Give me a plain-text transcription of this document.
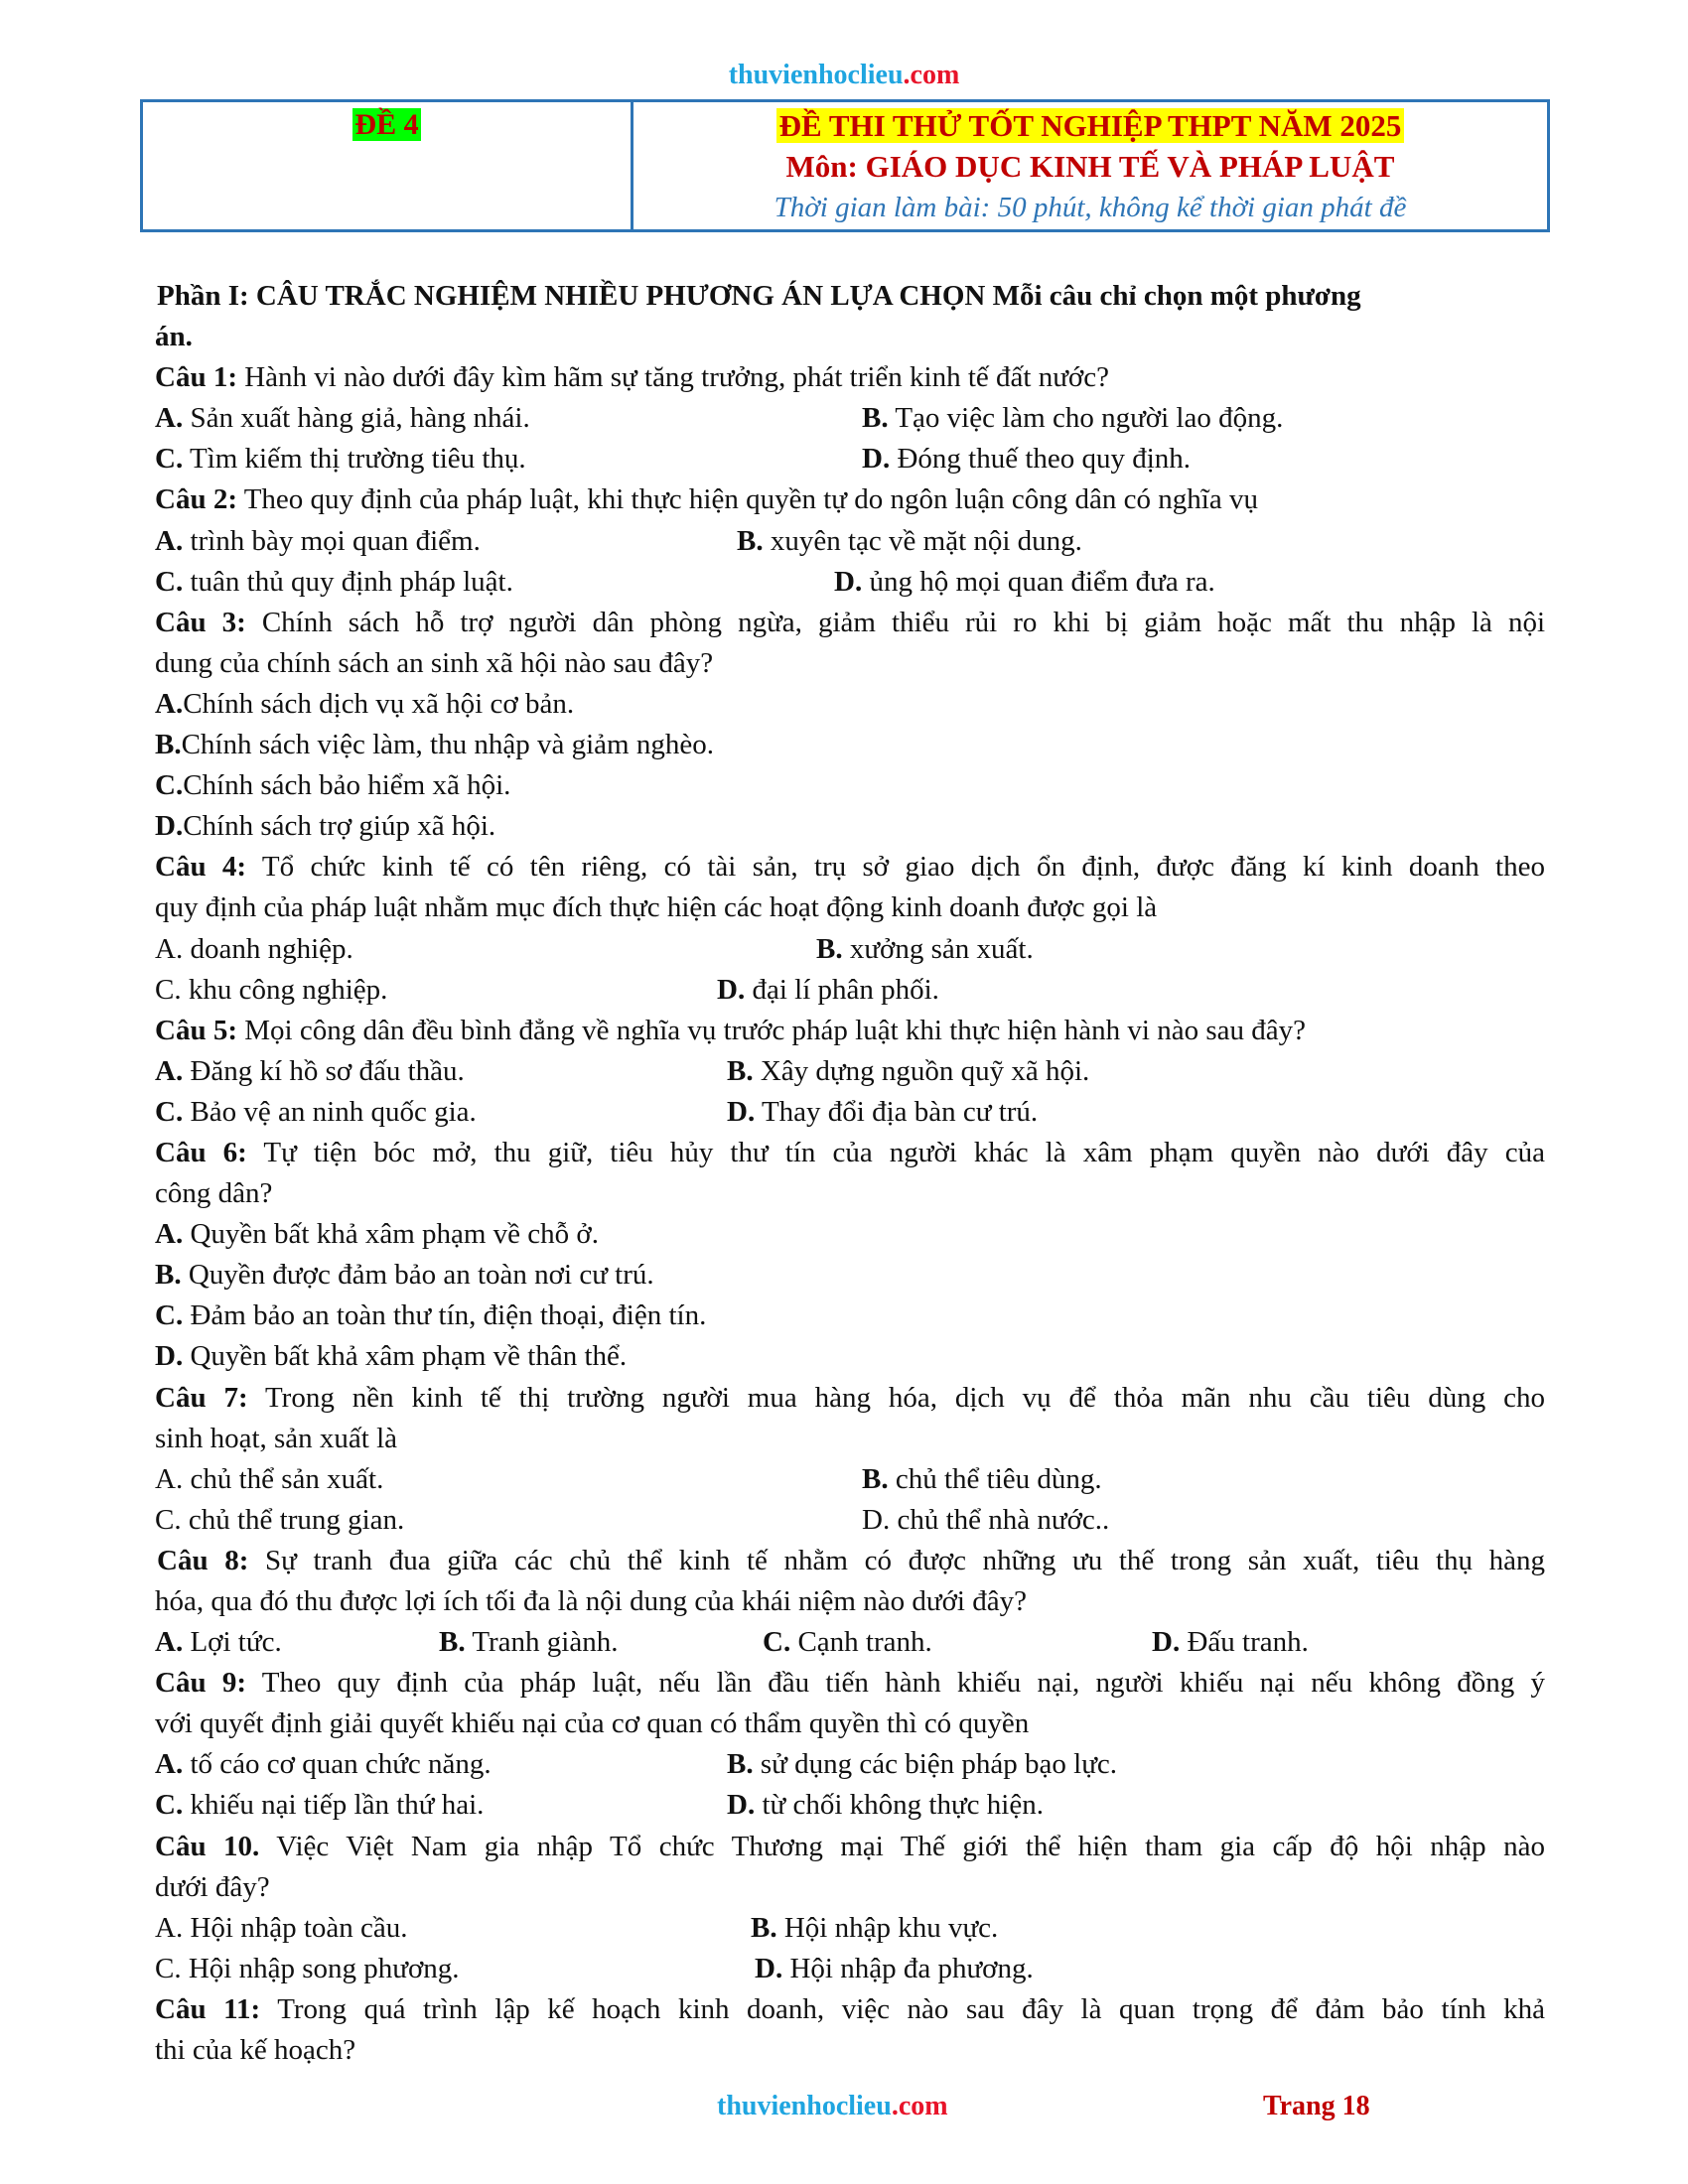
thuvienhoclieu.com
ĐỀ 4	ĐỀ THI THỬ TỐT NGHIỆP THPT NĂM 2025
Môn: GIÁO DỤC KINH TẾ VÀ PHÁP LUẬT
Thời gian làm bài: 50 phút, không kể thời gian phát đề
Phần I: CÂU TRẮC NGHIỆM NHIỀU PHƯƠNG ÁN LỰA CHỌN Mỗi câu chỉ chọn một phương
án.
Câu 1: Hành vi nào dưới đây kìm hãm sự tăng trưởng, phát triển kinh tế đất nước?
A. Sản xuất hàng giả, hàng nhái.	B. Tạo việc làm cho người lao động.
C. Tìm kiếm thị trường tiêu thụ.	D. Đóng thuế theo quy định.
Câu 2: Theo quy định của pháp luật, khi thực hiện quyền tự do ngôn luận công dân có nghĩa vụ
A. trình bày mọi quan điểm.	B. xuyên tạc về mặt nội dung.
C. tuân thủ quy định pháp luật.	D. ủng hộ mọi quan điểm đưa ra.
Câu 3: Chính sách hỗ trợ người dân phòng ngừa, giảm thiểu rủi ro khi bị giảm hoặc mất thu nhập là nội
dung của chính sách an sinh xã hội nào sau đây?
A.Chính sách dịch vụ xã hội cơ bản.
B.Chính sách việc làm, thu nhập và giảm nghèo.
C.Chính sách bảo hiểm xã hội.
D.Chính sách trợ giúp xã hội.
Câu 4: Tổ chức kinh tế có tên riêng, có tài sản, trụ sở giao dịch ổn định, được đăng kí kinh doanh theo
quy định của pháp luật nhằm mục đích thực hiện các hoạt động kinh doanh được gọi là
A. doanh nghiệp.	B. xưởng sản xuất.
C. khu công nghiệp.	D. đại lí phân phối.
Câu 5: Mọi công dân đều bình đẳng về nghĩa vụ trước pháp luật khi thực hiện hành vi nào sau đây?
A. Đăng kí hồ sơ đấu thầu.	B. Xây dựng nguồn quỹ xã hội.
C. Bảo vệ an ninh quốc gia.	D. Thay đổi địa bàn cư trú.
Câu 6: Tự tiện bóc mở, thu giữ, tiêu hủy thư tín của người khác là xâm phạm quyền nào dưới đây của
công dân?
A. Quyền bất khả xâm phạm về chỗ ở.
B. Quyền được đảm bảo an toàn nơi cư trú.
C. Đảm bảo an toàn thư tín, điện thoại, điện tín.
D. Quyền bất khả xâm phạm về thân thể.
Câu 7: Trong nền kinh tế thị trường người mua hàng hóa, dịch vụ để thỏa mãn nhu cầu tiêu dùng cho
sinh hoạt, sản xuất là
A. chủ thể sản xuất.	B. chủ thể tiêu dùng.
C. chủ thể trung gian.	D. chủ thể nhà nước..
Câu 8: Sự tranh đua giữa các chủ thể kinh tế nhằm có được những ưu thế trong sản xuất, tiêu thụ hàng
hóa, qua đó thu được lợi ích tối đa là nội dung của khái niệm nào dưới đây?
A. Lợi tức.	B. Tranh giành.	C. Cạnh tranh.	D. Đấu tranh.
Câu 9: Theo quy định của pháp luật, nếu lần đầu tiến hành khiếu nại, người khiếu nại nếu không đồng ý
với quyết định giải quyết khiếu nại của cơ quan có thẩm quyền thì có quyền
A. tố cáo cơ quan chức năng.	B. sử dụng các biện pháp bạo lực.
C. khiếu nại tiếp lần thứ hai.	D. từ chối không thực hiện.
Câu 10. Việc Việt Nam gia nhập Tổ chức Thương mại Thế giới thể hiện tham gia cấp độ hội nhập nào
dưới đây?
A. Hội nhập toàn cầu.	B. Hội nhập khu vực.
C. Hội nhập song phương.	D. Hội nhập đa phương.
Câu 11: Trong quá trình lập kế hoạch kinh doanh, việc nào sau đây là quan trọng để đảm bảo tính khả
thi của kế hoạch?
thuvienhoclieu.com	Trang 18
